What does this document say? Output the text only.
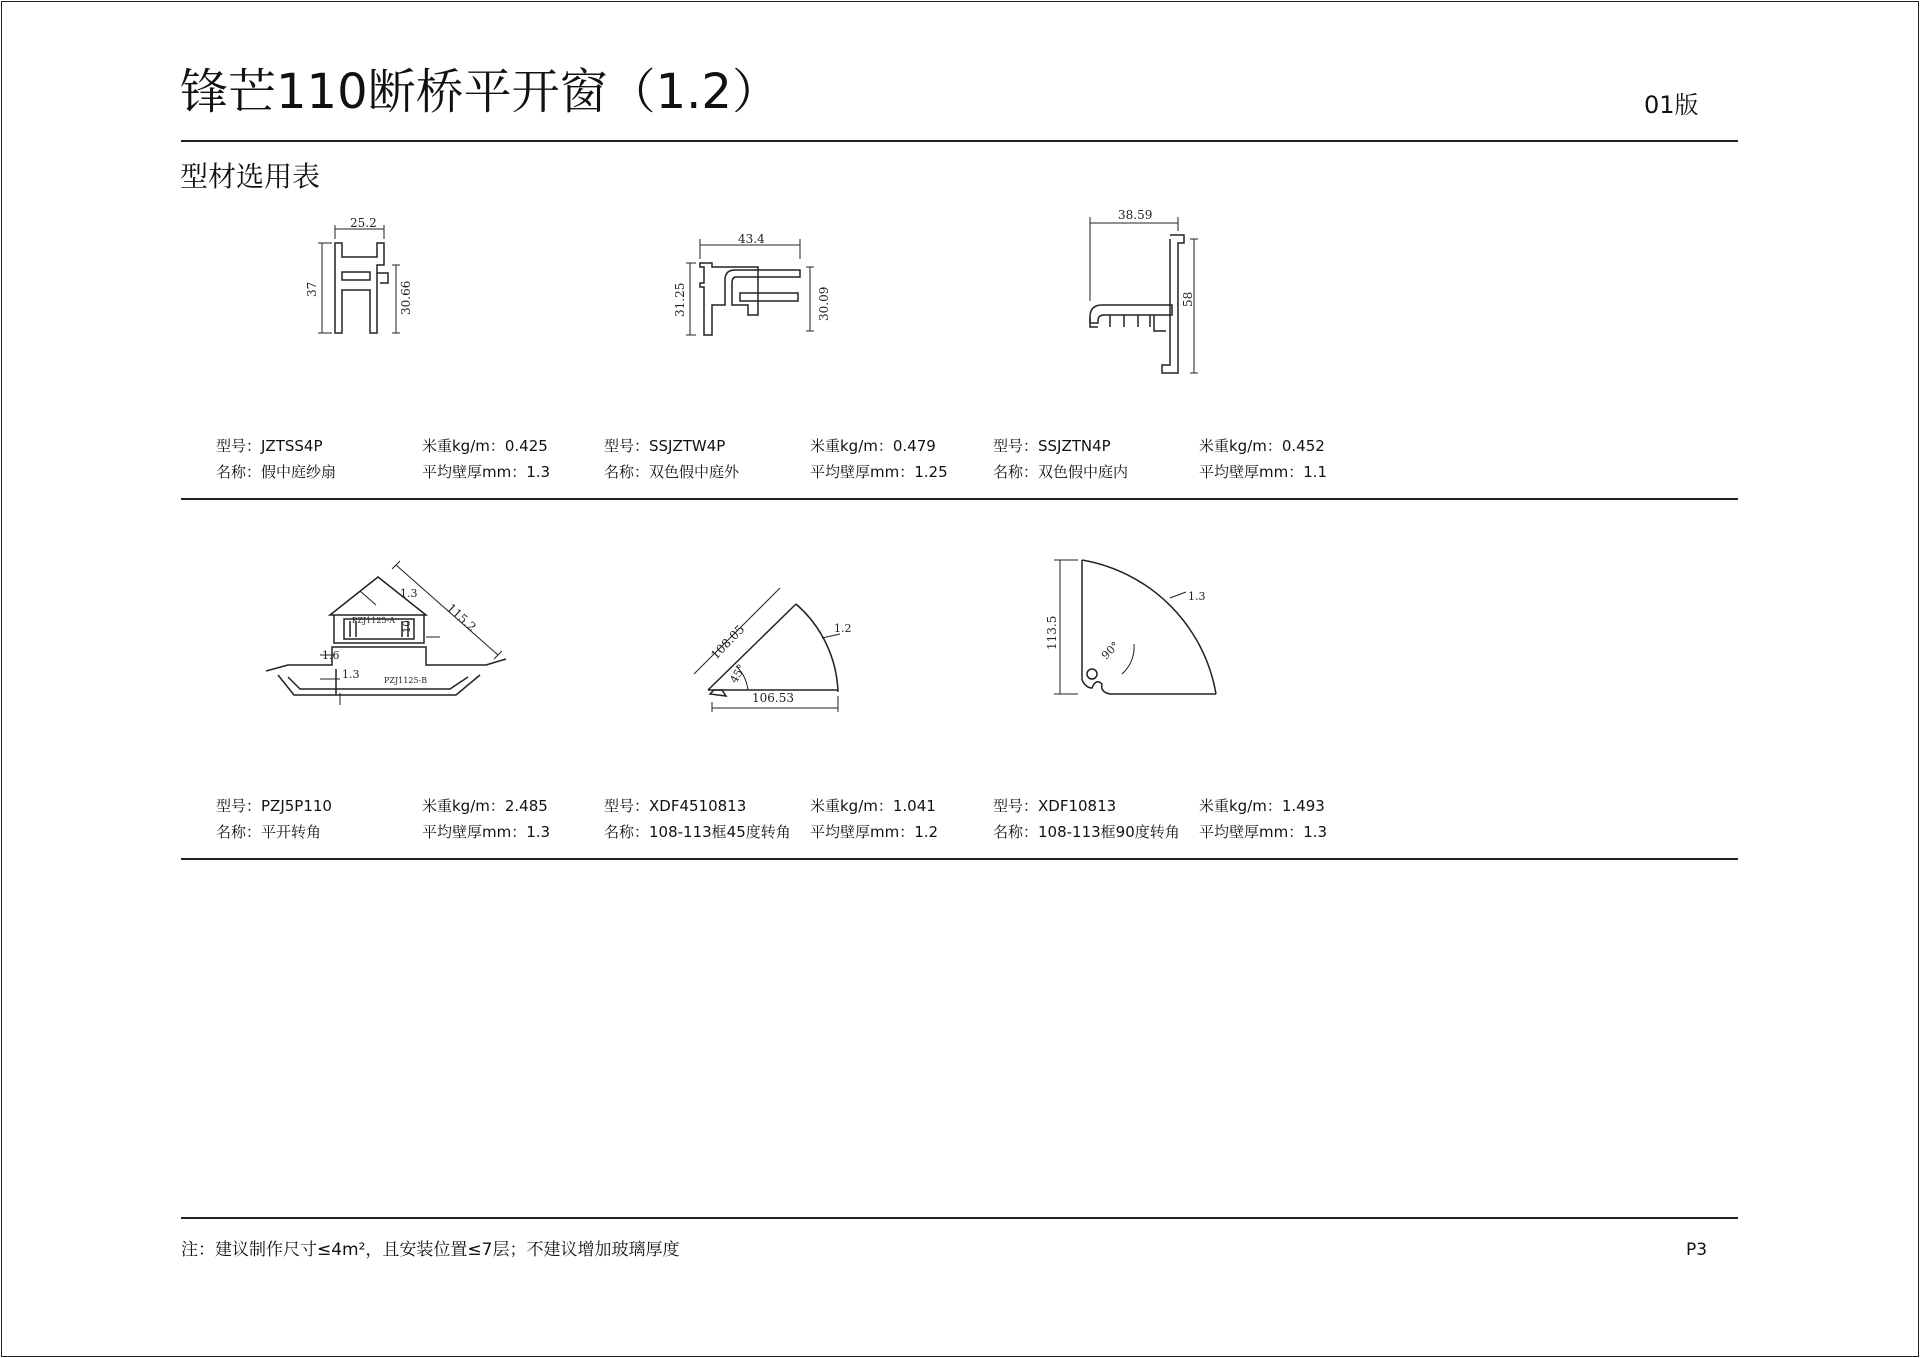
锋芒110断桥平开窗（1.2）	01版
型材选用表
25.2
37	30.66
43.4
31.25	30.09
38.59
58
型号：JZTSS4P	米重kg/m：0.425
名称：假中庭纱扇	平均壁厚mm：1.3
型号：SSJZTW4P	米重kg/m：0.479
名称：双色假中庭外	平均壁厚mm：1.25
型号：SSJZTN4P	米重kg/m：0.452
名称：双色假中庭内	平均壁厚mm：1.1
115.2
1.3
PZJ1125-A
1.6
10
1.3	PZJ1125-B
108.05
106.53
45°
1.2	113.5
90°
1.3
型号：PZJ5P110	米重kg/m：2.485
名称：平开转角	平均壁厚mm：1.3
型号：XDF4510813	米重kg/m：1.041
名称：108-113框45度转角 平均壁厚mm：1.2
型号：XDF10813	米重kg/m：1.493
名称：108-113框90度转角 平均壁厚mm：1.3
注：建议制作尺寸≤4m²，且安装位置≤7层；不建议增加玻璃厚度	P3
